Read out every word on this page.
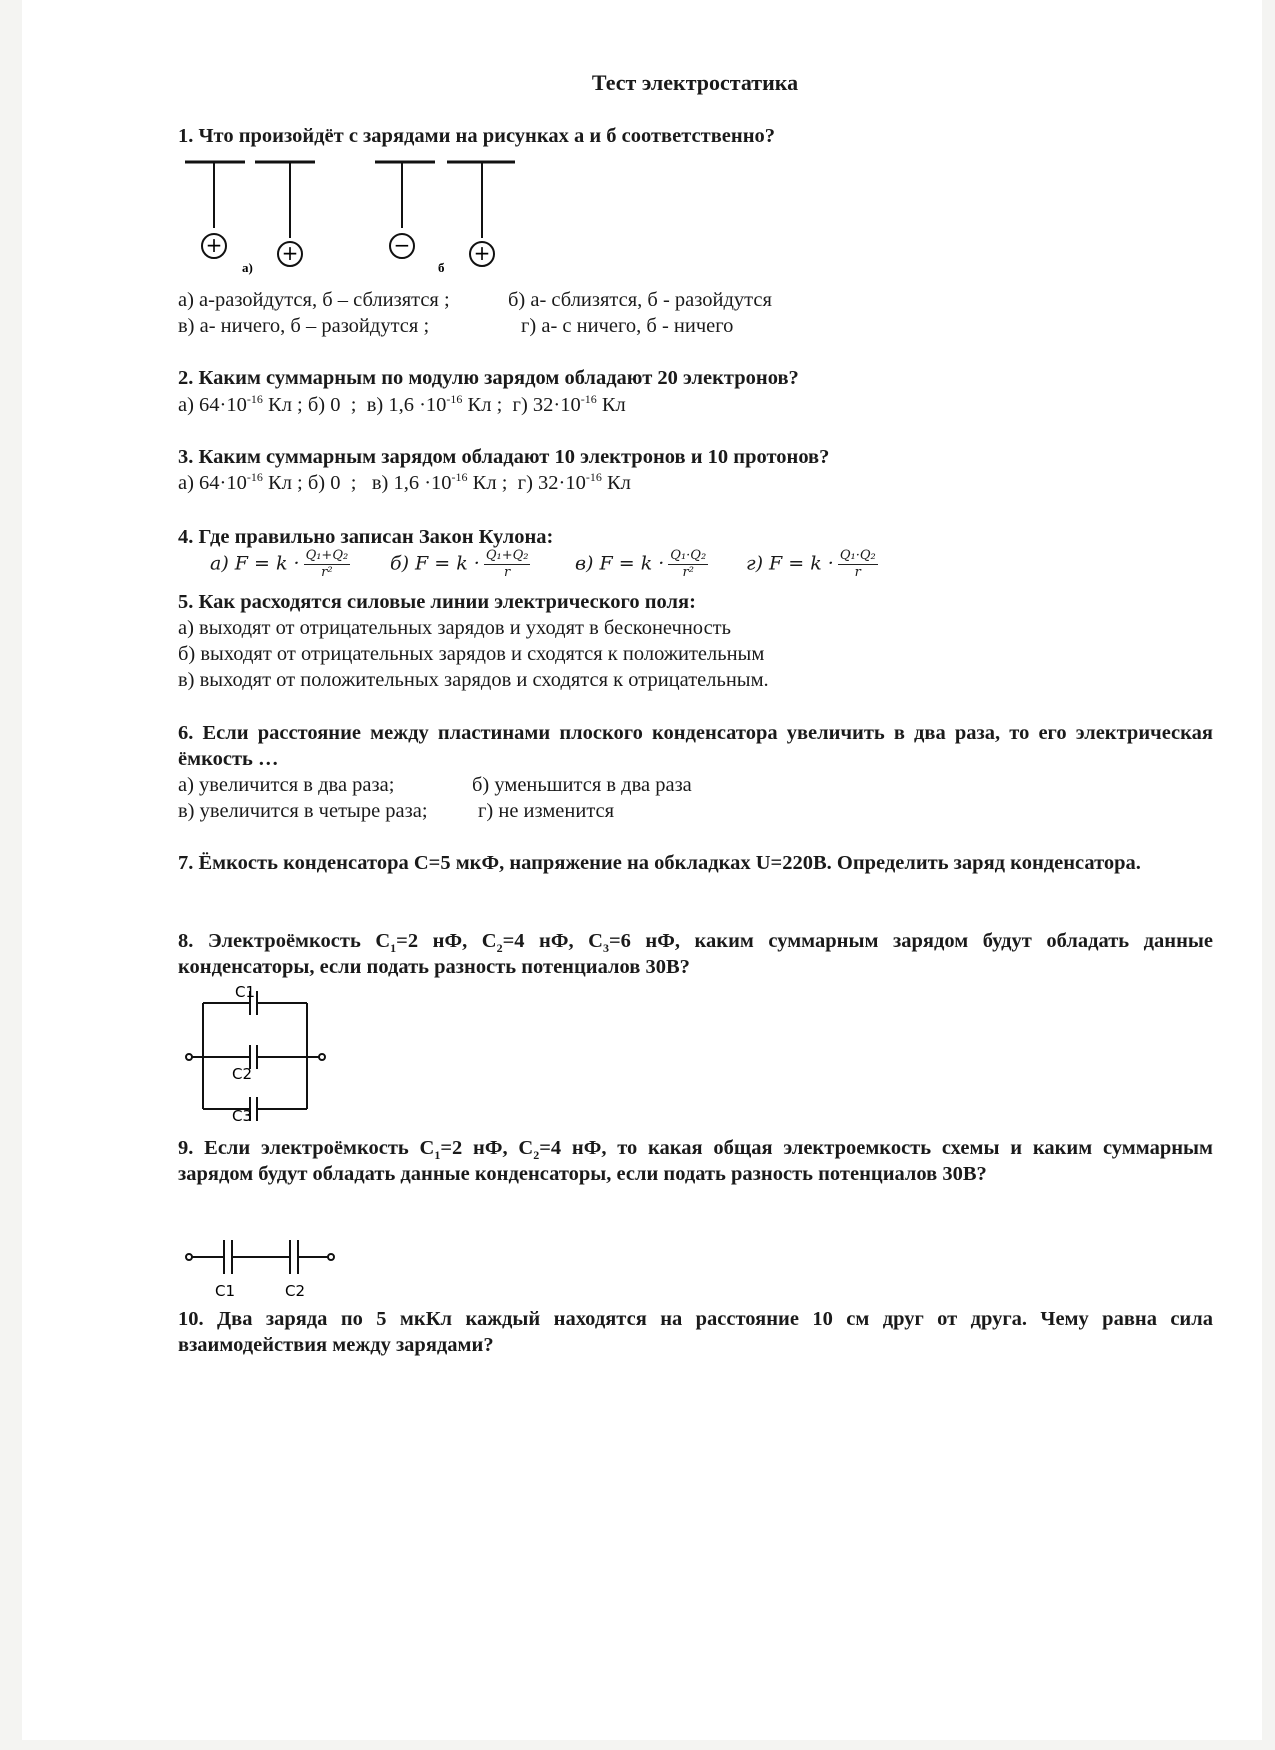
Тест электростатика
1. Что произойдёт с зарядами на рисунках а и б соответственно?
+	+	−	+
а)	б
а) а-разойдутся, б – сблизятся ;	б) а- сблизятся, б - разойдутся
в) а- ничего, б – разойдутся ;	г) а- с ничего, б - ничего
2. Каким суммарным по модулю зарядом обладают 20 электронов?
а) $64\cdot 10^{-16}$ Кл ; б) 0  ;  в) $1,6 \cdot 10^{-16}$ Кл ;  г) $32\cdot 10^{-16}$ Кл
3. Каким суммарным зарядом обладают 10 электронов и 10 протонов?
а) $64\cdot 10^{-16}$ Кл ; б) 0  ;   в) $1,6 \cdot 10^{-16}$ Кл ;  г) $32\cdot 10^{-16}$ Кл
4. Где правильно записан Закон Кулона:
а) $F = k \cdot \frac{\text{Q₁+Q₂}}{\text{r²}} б$) $F = k \cdot \frac{\text{Q₁+Q₂}}{r} в$) $F = k \cdot \frac{\text{Q₁·Q₂}}{\text{r²}} г$) $F = k \cdot \frac{\text{Q₁·Q₂}}{r}$
5. Как расходятся силовые линии электрического поля:
а) выходят от отрицательных зарядов и уходят в бесконечность
б) выходят от отрицательных зарядов и сходятся к положительным
в) выходят от положительных зарядов и сходятся к отрицательным.
6. Если расстояние между пластинами плоского конденсатора увеличить в два раза, то его электрическая ёмкость …
а) увеличится в два раза;	б) уменьшится в два раза
в) увеличится в четыре раза; г) не изменится
7. Ёмкость конденсатора С=5 мкФ, напряжение на обкладках U=220В. Определить заряд конденсатора.
8. Электроёмкость $С_1=2$ нФ, $С_2=4$ нФ, $С_3=6$ нФ, каким суммарным зарядом будут обладать данные конденсаторы, если подать разность потенциалов 30В?
C1
C2
C3
9. Если электроёмкость $С_1=2$ нФ, $С_2=4$ нФ, то какая общая электроемкость схемы и каким суммарным зарядом будут обладать данные конденсаторы, если подать разность потенциалов 30В?
C1	C2
10. Два заряда по 5 мкКл каждый находятся на расстояние 10 см друг от друга. Чему равна сила взаимодействия между зарядами?
